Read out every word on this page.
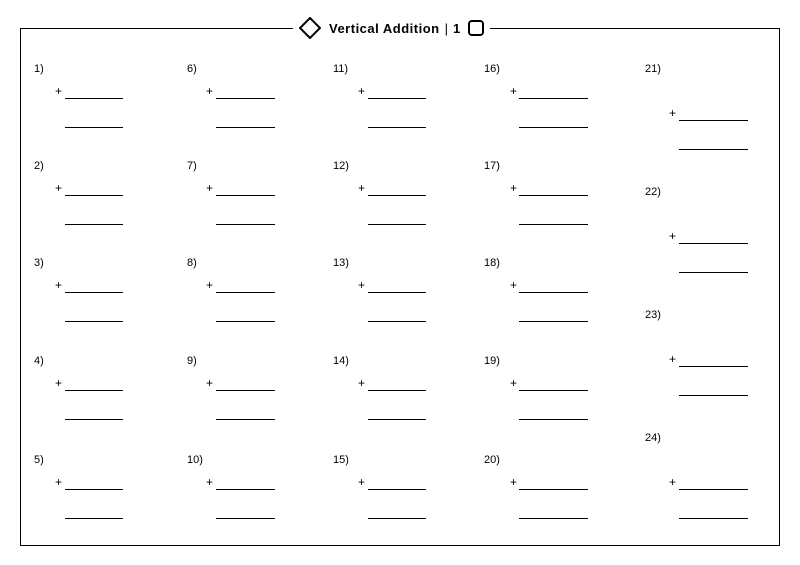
Vertical Addition | 1
1)
+
2)
+
3)
+
4)
+
5)
+
6)
+
7)
+
8)
+
9)
+
10)
+
11)
+
12)
+
13)
+
14)
+
15)
+
16)
+
17)
+
18)
+
19)
+
20)
+
21)
+
22)
+
23)
+
24)
+
